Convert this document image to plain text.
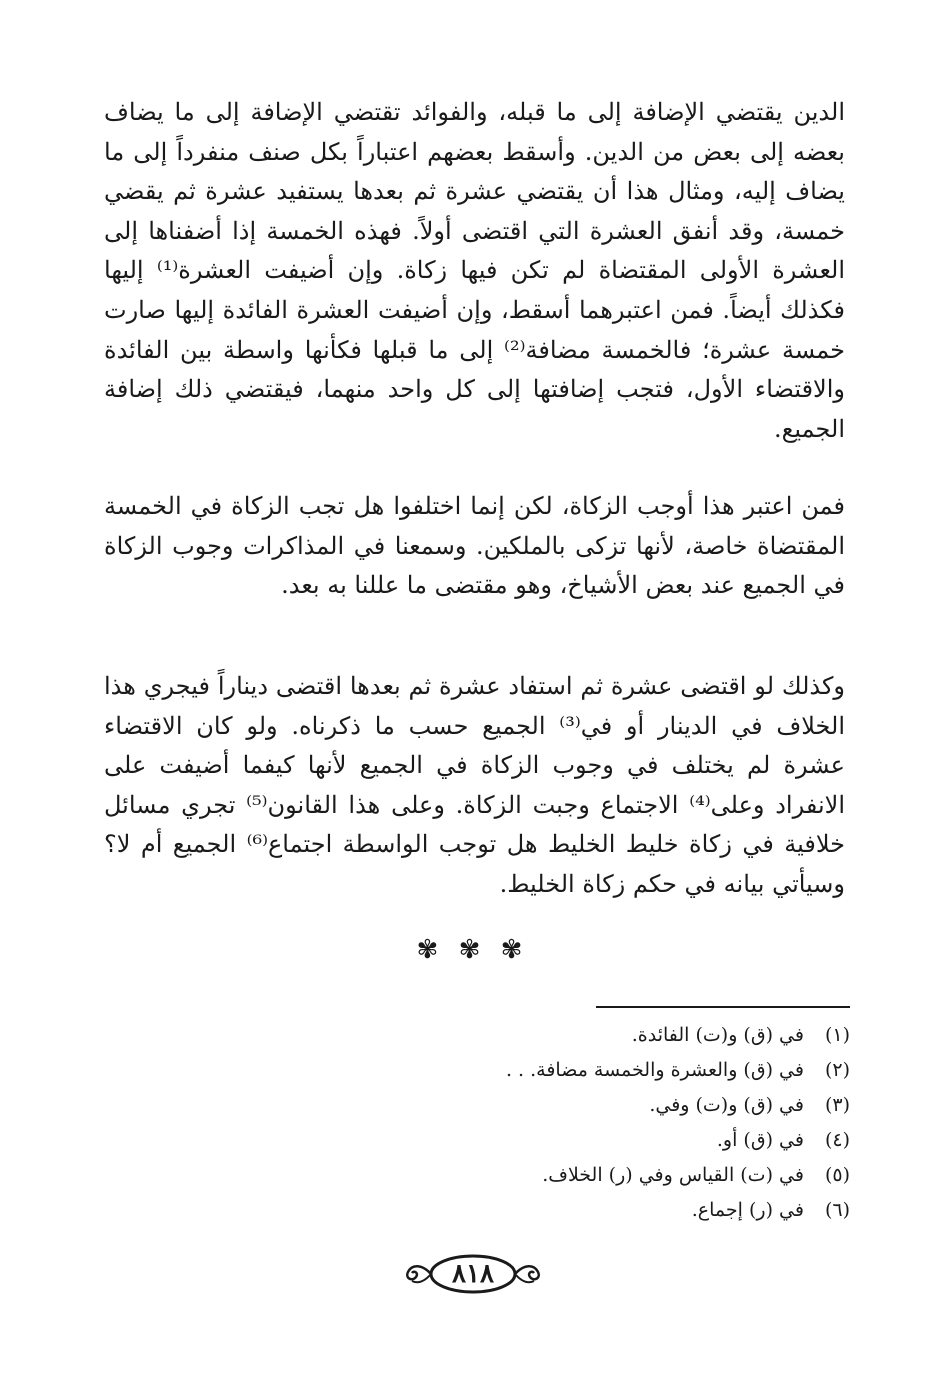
الدين يقتضي الإضافة إلى ما قبله، والفوائد تقتضي الإضافة إلى ما يضاف بعضه إلى بعض من الدين. وأسقط بعضهم اعتباراً بكل صنف منفرداً إلى ما يضاف إليه، ومثال هذا أن يقتضي عشرة ثم بعدها يستفيد عشرة ثم يقضي خمسة، وقد أنفق العشرة التي اقتضى أولاً. فهذه الخمسة إذا أضفناها إلى العشرة الأولى المقتضاة لم تكن فيها زكاة. وإن أضيفت العشرة⁽¹⁾ إليها فكذلك أيضاً. فمن اعتبرهما أسقط، وإن أضيفت العشرة الفائدة إليها صارت خمسة عشرة؛ فالخمسة مضافة⁽²⁾ إلى ما قبلها فكأنها واسطة بين الفائدة والاقتضاء الأول، فتجب إضافتها إلى كل واحد منهما، فيقتضي ذلك إضافة الجميع.

فمن اعتبر هذا أوجب الزكاة، لكن إنما اختلفوا هل تجب الزكاة في الخمسة المقتضاة خاصة، لأنها تزكى بالملكين. وسمعنا في المذاكرات وجوب الزكاة في الجميع عند بعض الأشياخ، وهو مقتضى ما عللنا به بعد.

وكذلك لو اقتضى عشرة ثم استفاد عشرة ثم بعدها اقتضى ديناراً فيجري هذا الخلاف في الدينار أو في⁽³⁾ الجميع حسب ما ذكرناه. ولو كان الاقتضاء عشرة لم يختلف في وجوب الزكاة في الجميع لأنها كيفما أضيفت على الانفراد وعلى⁽⁴⁾ الاجتماع وجبت الزكاة. وعلى هذا القانون⁽⁵⁾ تجري مسائل خلافية في زكاة خليط الخليط هل توجب الواسطة اجتماع⁽⁶⁾ الجميع أم لا؟ وسيأتي بيانه في حكم زكاة الخليط.

✾ ✾ ✾
(١) في (ق) و(ت) الفائدة.
(٢) في (ق) والعشرة والخمسة مضافة. . .
(٣) في (ق) و(ت) وفي.
(٤) في (ق) أو.
(٥) في (ت) القياس وفي (ر) الخلاف.
(٦) في (ر) إجماع.
٨١٨
